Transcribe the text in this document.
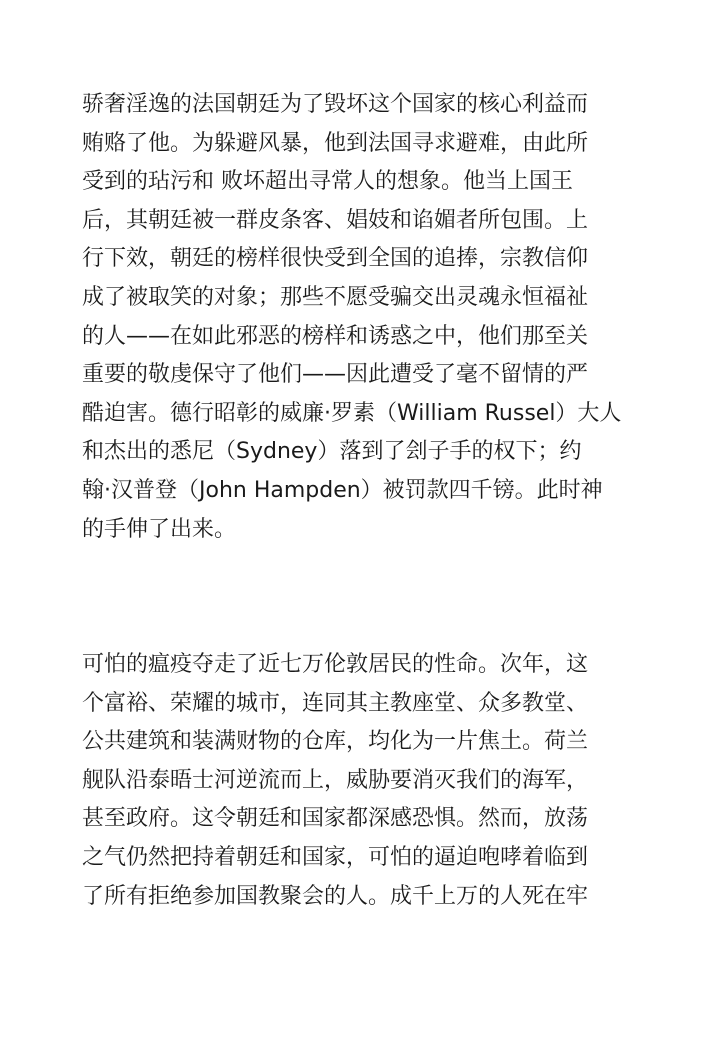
骄奢淫逸的法国朝廷为了毁坏这个国家的核心利益而
贿赂了他。为躲避风暴，他到法国寻求避难，由此所
受到的玷污和 败坏超出寻常人的想象。他当上国王
后，其朝廷被一群皮条客、娼妓和谄媚者所包围。上
行下效，朝廷的榜样很快受到全国的追捧，宗教信仰
成了被取笑的对象；那些不愿受骗交出灵魂永恒福祉
的人——在如此邪恶的榜样和诱惑之中，他们那至关
重要的敬虔保守了他们——因此遭受了毫不留情的严
酷迫害。德行昭彰的威廉·罗素（William Russel）大人
和杰出的悉尼（Sydney）落到了刽子手的权下；约
翰·汉普登（John Hampden）被罚款四千镑。此时神
的手伸了出来。
可怕的瘟疫夺走了近七万伦敦居民的性命。次年，这
个富裕、荣耀的城市，连同其主教座堂、众多教堂、
公共建筑和装满财物的仓库，均化为一片焦土。荷兰
舰队沿泰晤士河逆流而上，威胁要消灭我们的海军，
甚至政府。这令朝廷和国家都深感恐惧。然而，放荡
之气仍然把持着朝廷和国家，可怕的逼迫咆哮着临到
了所有拒绝参加国教聚会的人。成千上万的人死在牢
